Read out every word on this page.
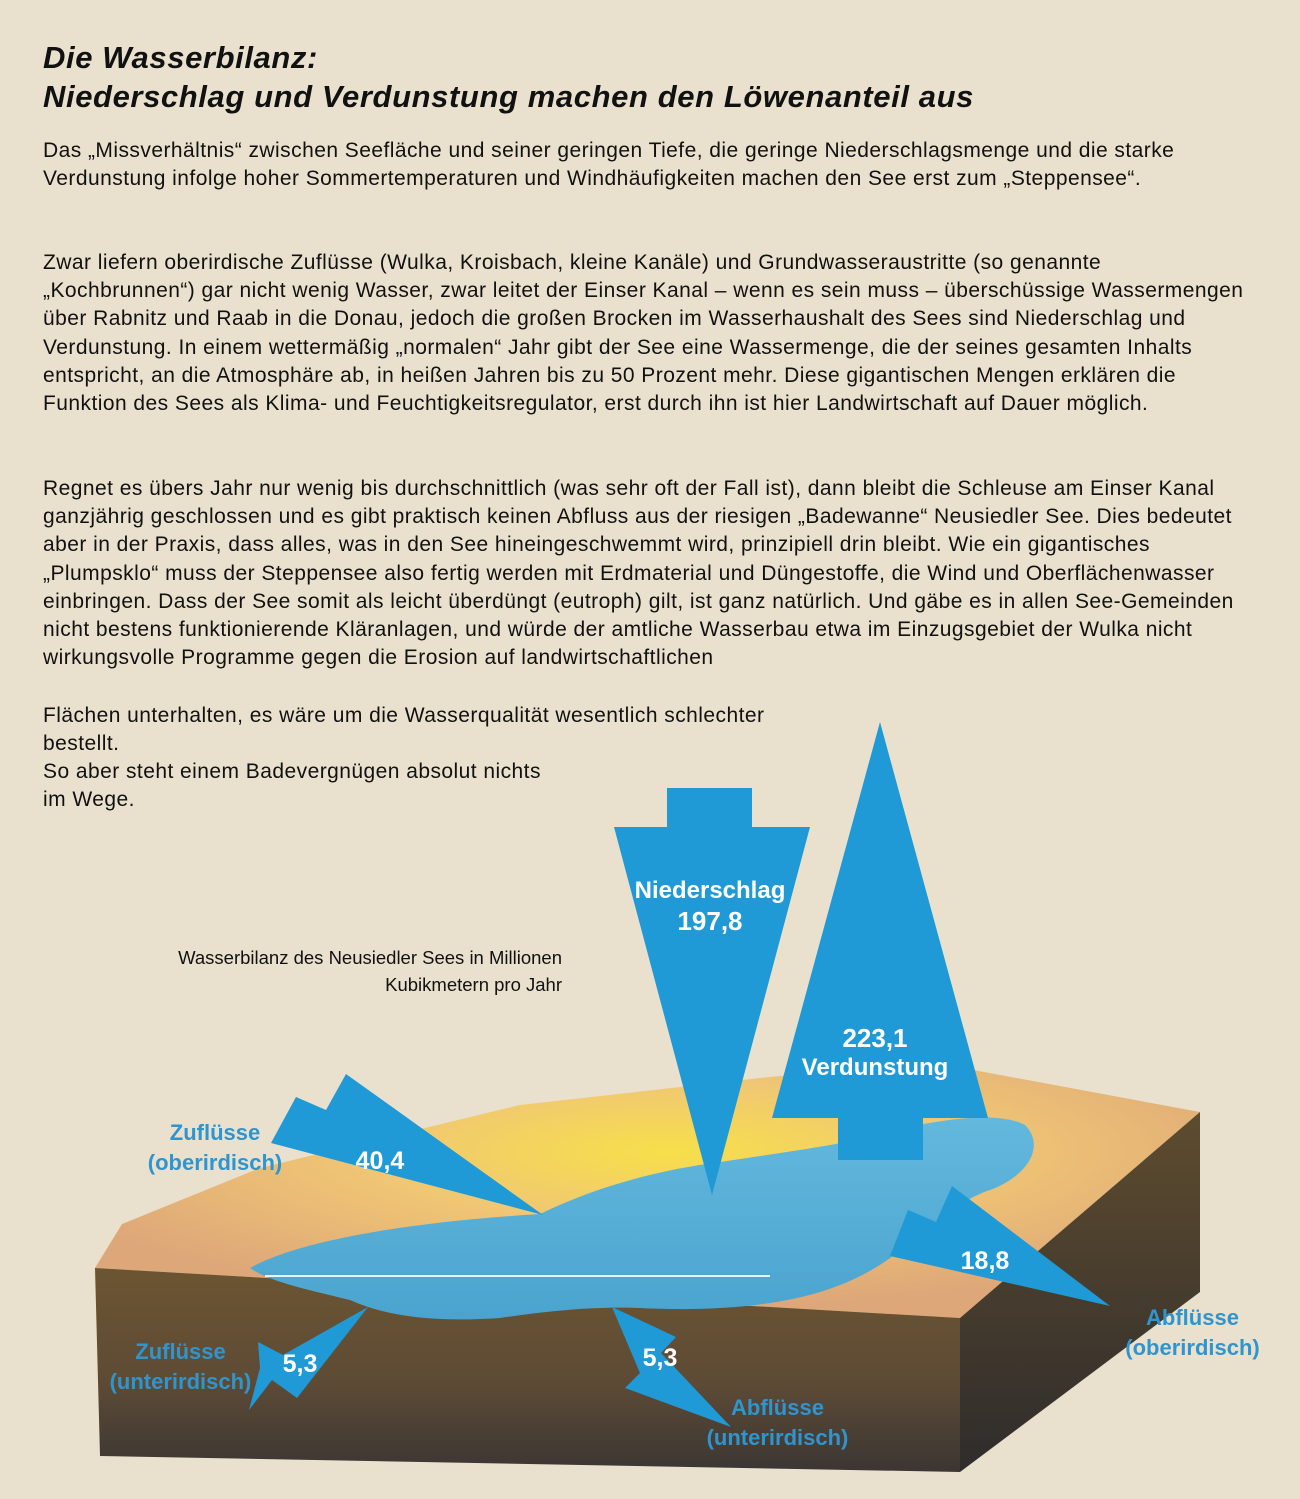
Die Wasserbilanz:
Niederschlag und Verdunstung machen den Löwenanteil aus

Das „Missverhältnis“ zwischen Seefläche und seiner geringen Tiefe, die geringe Niederschlagsmenge und die starke Verdunstung infolge hoher Sommertemperaturen und Windhäufigkeiten machen den See erst zum „Steppensee“.

Zwar liefern oberirdische Zuflüsse (Wulka, Kroisbach, kleine Kanäle) und Grundwasseraustritte (so genannte „Kochbrunnen“) gar nicht wenig Wasser, zwar leitet der Einser Kanal – wenn es sein muss – überschüssige Wassermengen über Rabnitz und Raab in die Donau, jedoch die großen Brocken im Wasserhaushalt des Sees sind Niederschlag und Verdunstung. In einem wettermäßig „normalen“ Jahr gibt der See eine Wassermenge, die der seines gesamten Inhalts entspricht, an die Atmosphäre ab, in heißen Jahren bis zu 50 Prozent mehr. Diese gigantischen Mengen erklären die Funktion des Sees als Klima- und Feuchtigkeitsregulator, erst durch ihn ist hier Landwirtschaft auf Dauer möglich.

Regnet es übers Jahr nur wenig bis durchschnittlich (was sehr oft der Fall ist), dann bleibt die Schleuse am Einser Kanal ganzjährig geschlossen und es gibt praktisch keinen Abfluss aus der riesigen „Badewanne“ Neusiedler See. Dies bedeutet aber in der Praxis, dass alles, was in den See hineingeschwemmt wird, prinzipiell drin bleibt. Wie ein gigantisches „Plumpsklo“ muss der Steppensee also fertig werden mit Erdmaterial und Düngestoffe, die Wind und Oberflächenwasser einbringen. Dass der See somit als leicht überdüngt (eutroph) gilt, ist ganz natürlich. Und gäbe es in allen See-Gemeinden nicht bestens funktionierende Kläranlagen, und würde der amtliche Wasserbau etwa im Einzugsgebiet der Wulka nicht wirkungsvolle Programme gegen die Erosion auf landwirtschaftlichen

Flächen unterhalten, es wäre um die Wasserqualität wesentlich schlechter bestellt.

So aber steht einem Badevergnügen absolut nichts im Wege.

Wasserbilanz des Neusiedler Sees in Millionen
Kubikmetern pro Jahr
Niederschlag
197,8
223,1
Verdunstung
Zuflüsse
(oberirdisch)	40,4
18,8
Abflüsse
(oberirdisch)
Zuflüsse
(unterirdisch)
5,3	5,3
Abflüsse
(unterirdisch)
